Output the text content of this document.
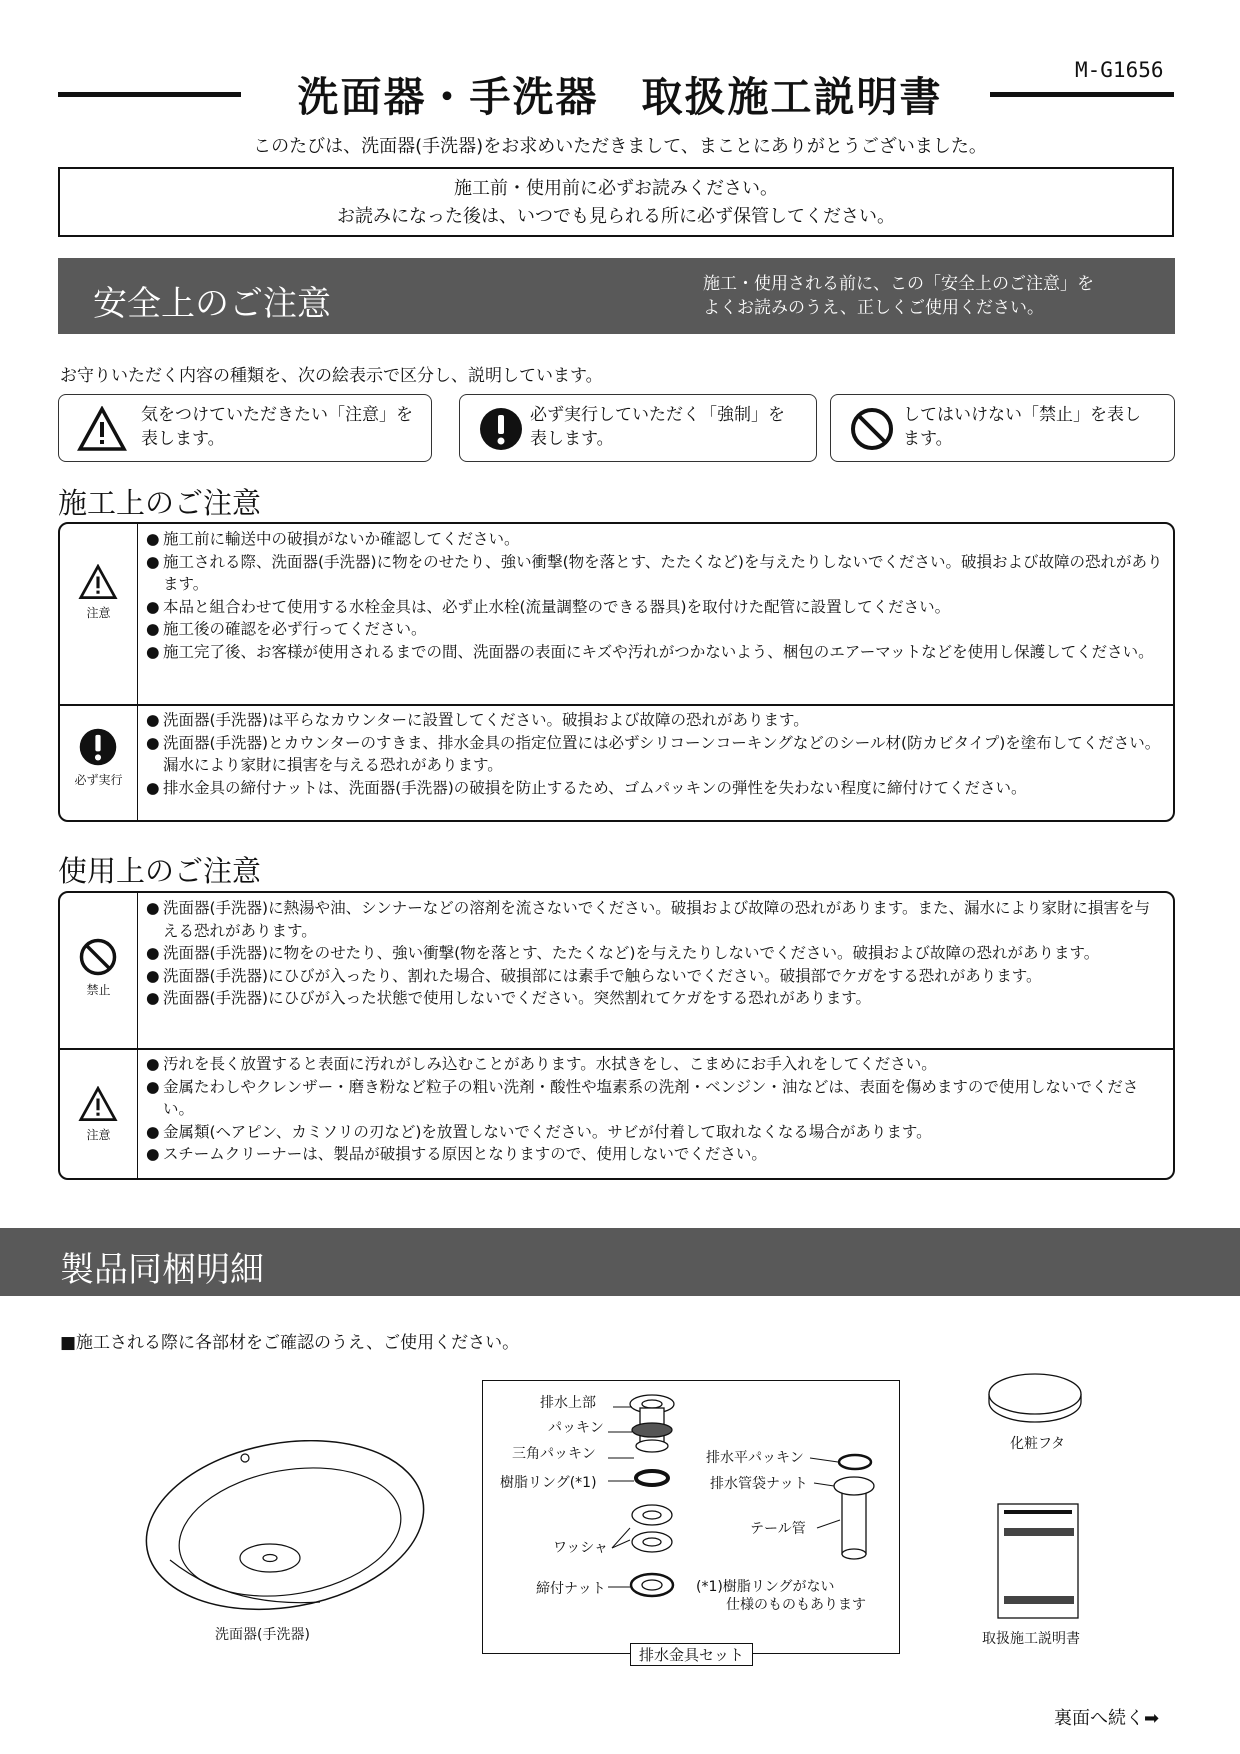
M-G1656
洗面器・手洗器　取扱施工説明書
このたびは、洗面器(手洗器)をお求めいただきまして、まことにありがとうございました。
施工前・使用前に必ずお読みください。
お読みになった後は、いつでも見られる所に必ず保管してください。
安全上のご注意	施工・使用される前に、この「安全上のご注意」を
よくお読みのうえ、正しくご使用ください。
お守りいただく内容の種類を、次の絵表示で区分し、説明しています。
気をつけていただきたい「注意」を
表します。
必ず実行していただく「強制」を
表します。
してはいけない「禁止」を表し
ます。
施工上のご注意
注意
● 施工前に輸送中の破損がないか確認してください。
● 施工される際、洗面器(手洗器)に物をのせたり、強い衝撃(物を落とす、たたくなど)を与えたりしないでください。破損および故障の恐れがあります。
● 本品と組合わせて使用する水栓金具は、必ず止水栓(流量調整のできる器具)を取付けた配管に設置してください。
● 施工後の確認を必ず行ってください。
● 施工完了後、お客様が使用されるまでの間、洗面器の表面にキズや汚れがつかないよう、梱包のエアーマットなどを使用し保護してください。
必ず実行
● 洗面器(手洗器)は平らなカウンターに設置してください。破損および故障の恐れがあります。
● 洗面器(手洗器)とカウンターのすきま、排水金具の指定位置には必ずシリコーンコーキングなどのシール材(防カビタイプ)を塗布してください。漏水により家財に損害を与える恐れがあります。
● 排水金具の締付ナットは、洗面器(手洗器)の破損を防止するため、ゴムパッキンの弾性を失わない程度に締付けてください。
使用上のご注意
禁止
● 洗面器(手洗器)に熱湯や油、シンナーなどの溶剤を流さないでください。破損および故障の恐れがあります。また、漏水により家財に損害を与える恐れがあります。
● 洗面器(手洗器)に物をのせたり、強い衝撃(物を落とす、たたくなど)を与えたりしないでください。破損および故障の恐れがあります。
● 洗面器(手洗器)にひびが入ったり、割れた場合、破損部には素手で触らないでください。破損部でケガをする恐れがあります。
● 洗面器(手洗器)にひびが入った状態で使用しないでください。突然割れてケガをする恐れがあります。
注意
● 汚れを長く放置すると表面に汚れがしみ込むことがあります。水拭きをし、こまめにお手入れをしてください。
● 金属たわしやクレンザー・磨き粉など粒子の粗い洗剤・酸性や塩素系の洗剤・ベンジン・油などは、表面を傷めますので使用しないでください。
● 金属類(ヘアピン、カミソリの刃など)を放置しないでください。サビが付着して取れなくなる場合があります。
● スチームクリーナーは、製品が破損する原因となりますので、使用しないでください。
製品同梱明細
■施工される際に各部材をご確認のうえ、ご使用ください。
洗面器(手洗器)
排水上部
パッキン
三角パッキン
樹脂リング(*1)
ワッシャ
締付ナット
排水平パッキン
排水管袋ナット
テール管
(*1)樹脂リングがない
仕様のものもあります
排水金具セット
化粧フタ
取扱施工説明書
裏面へ続く➡
